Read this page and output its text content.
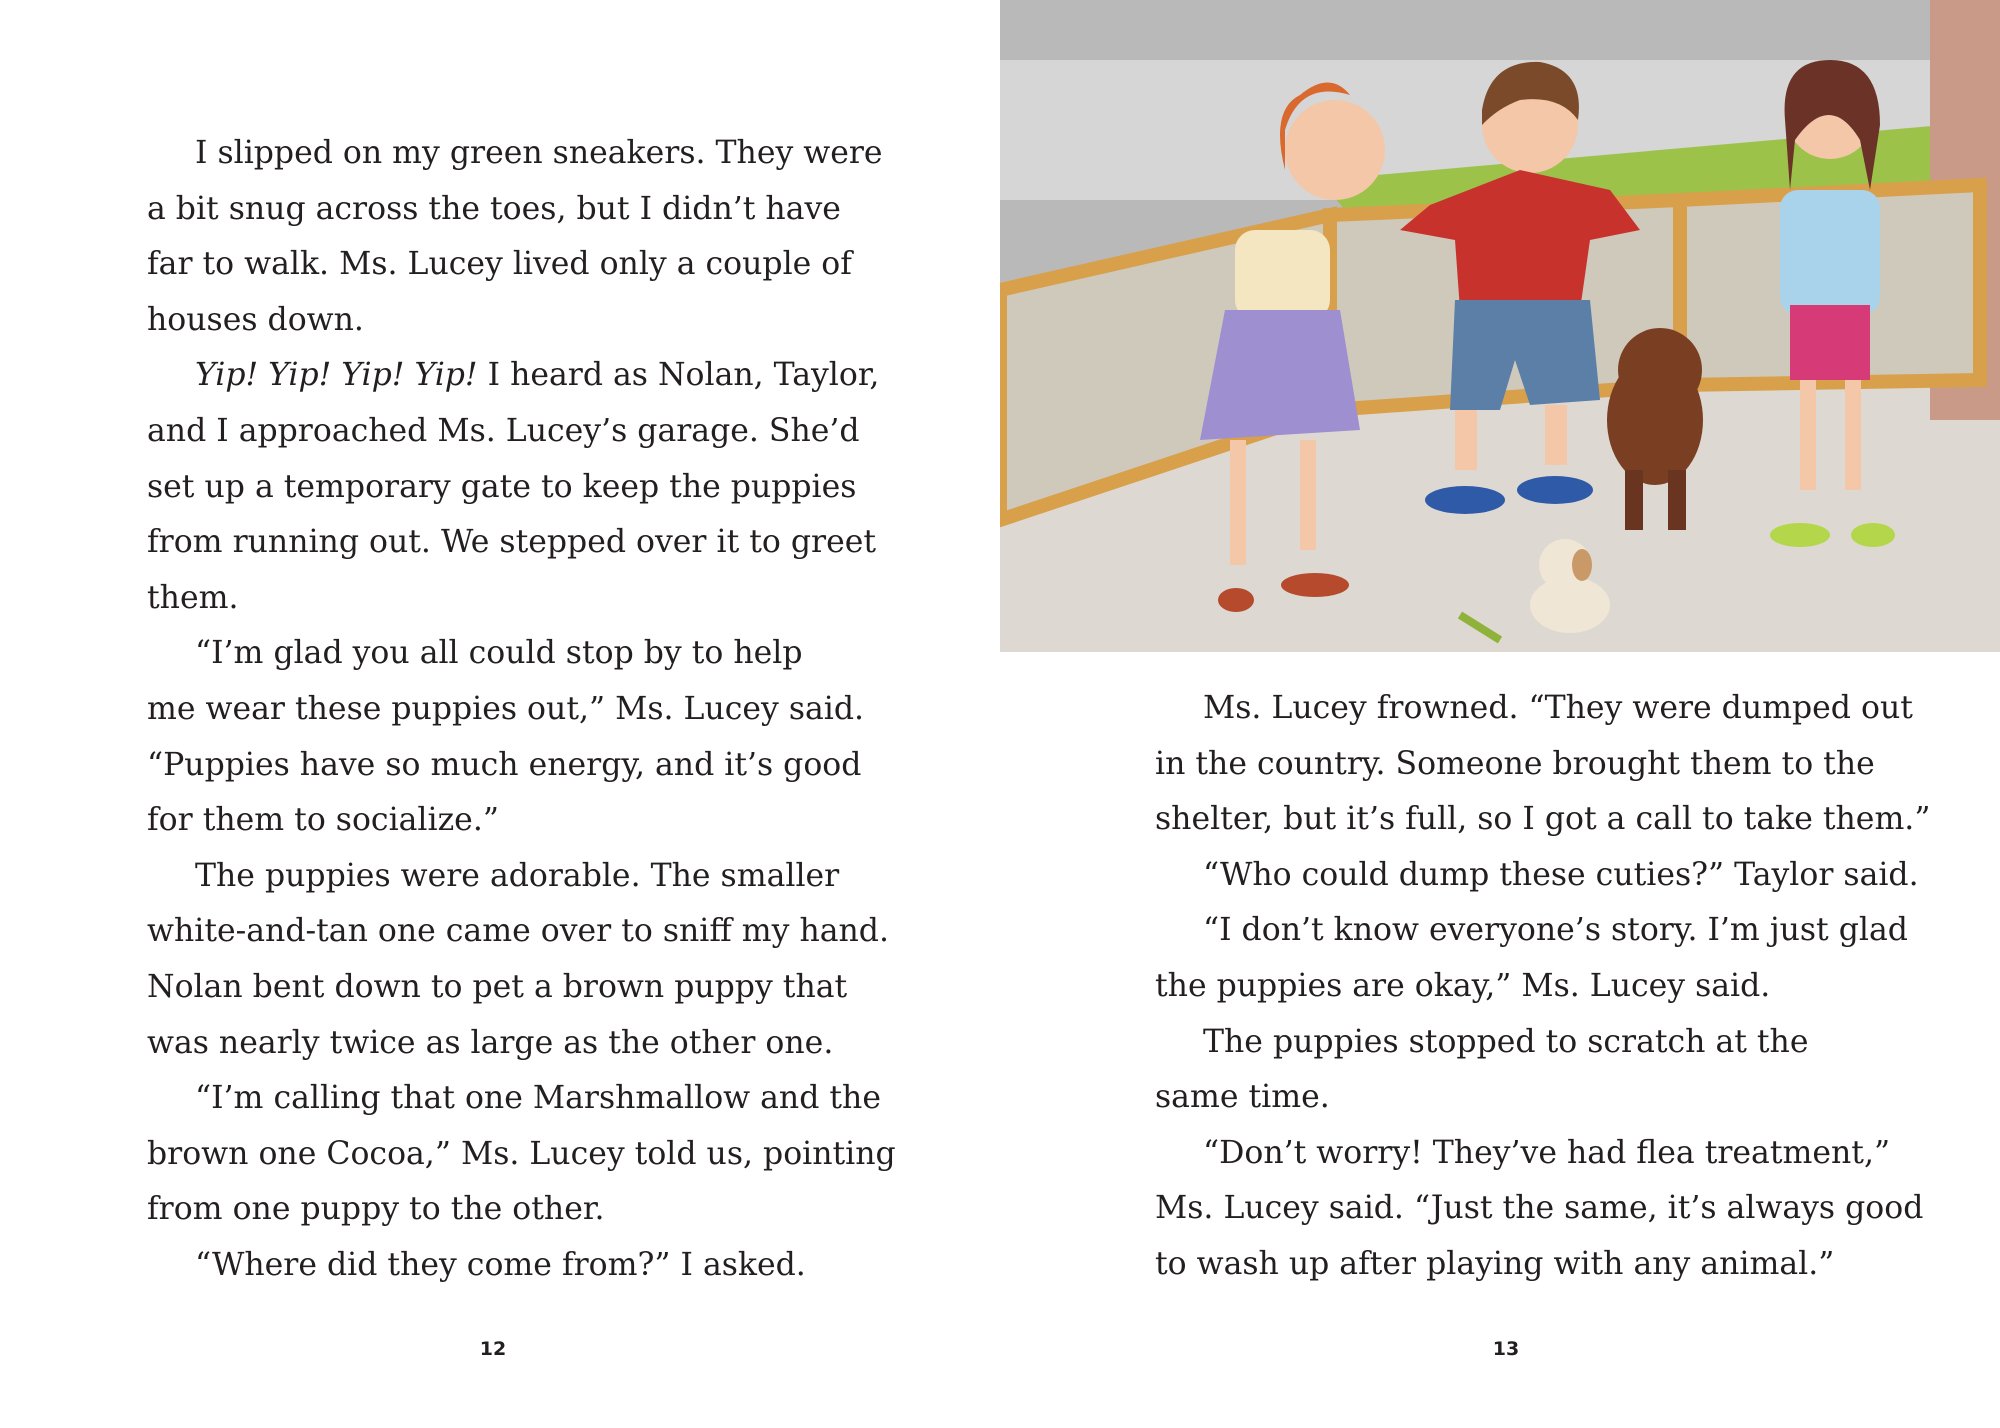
I slipped on my green sneakers. They were
a bit snug across the toes, but I didn’t have
far to walk. Ms. Lucey lived only a couple of
houses down.
Yip! Yip! Yip! Yip! I heard as Nolan, Taylor,
and I approached Ms. Lucey’s garage. She’d
set up a temporary gate to keep the puppies
from running out. We stepped over it to greet
them.
“I’m glad you all could stop by to help
me wear these puppies out,” Ms. Lucey said.
“Puppies have so much energy, and it’s good
for them to socialize.”
The puppies were adorable. The smaller
white-and-tan one came over to sniff my hand.
Nolan bent down to pet a brown puppy that
was nearly twice as large as the other one.
“I’m calling that one Marshmallow and the
brown one Cocoa,” Ms. Lucey told us, pointing
from one puppy to the other.
“Where did they come from?” I asked.
12
Ms. Lucey frowned. “They were dumped out
in the country. Someone brought them to the
shelter, but it’s full, so I got a call to take them.”
“Who could dump these cuties?” Taylor said.
“I don’t know everyone’s story. I’m just glad
the puppies are okay,” Ms. Lucey said.
The puppies stopped to scratch at the
same time.
“Don’t worry! They’ve had flea treatment,”
Ms. Lucey said. “Just the same, it’s always good
to wash up after playing with any animal.”
13
